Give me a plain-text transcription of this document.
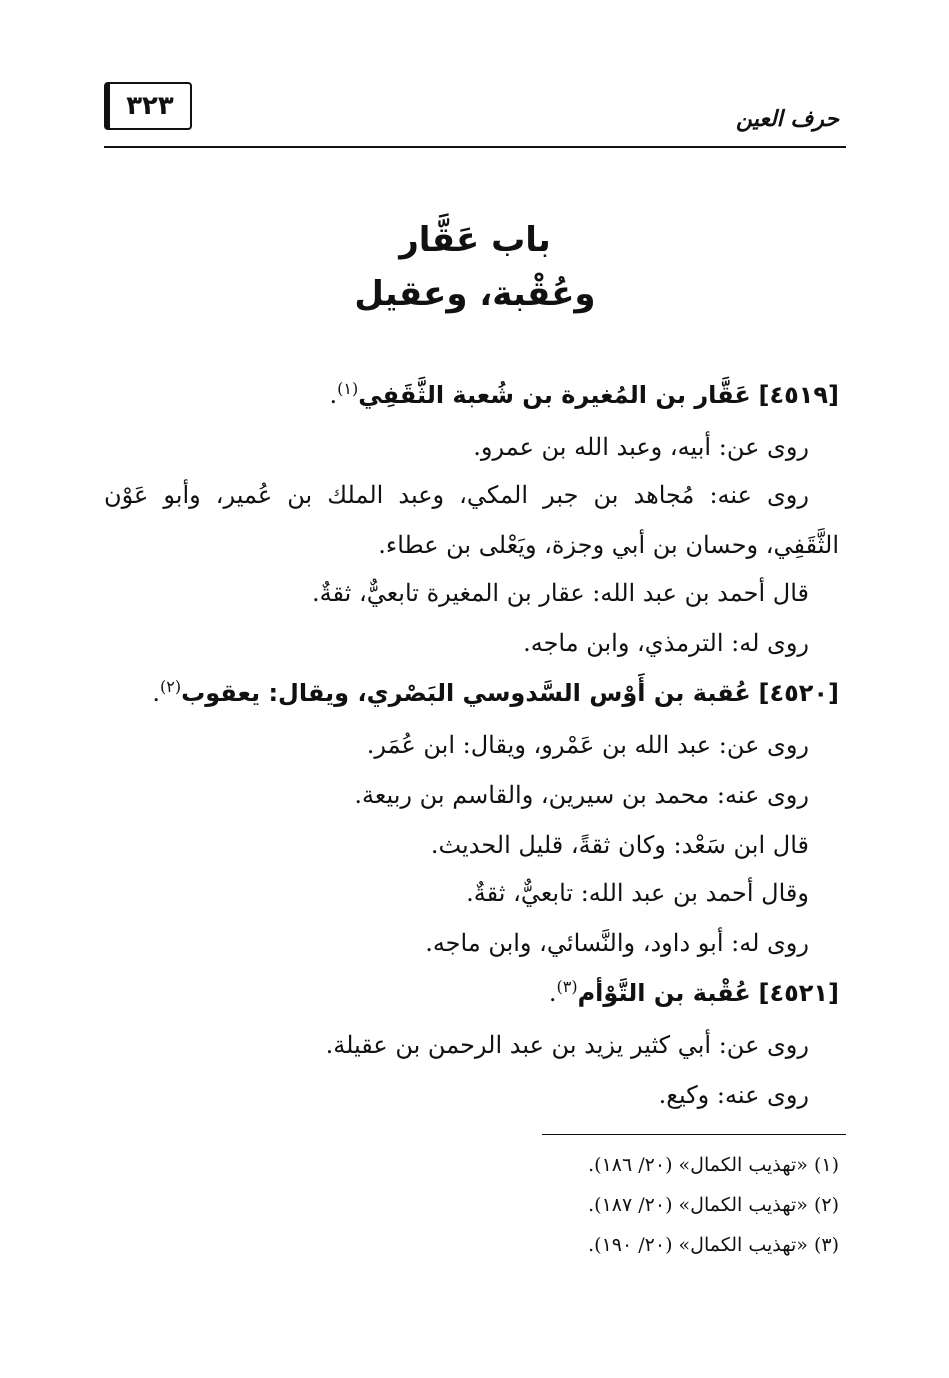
٣٢٣	حرف العين
باب عَقَّار
وعُقْبة، وعقيل
[٤٥١٩] عَقَّار بن المُغيرة بن شُعبة الثَّقَفِي$^{(١)}$.
روى عن: أبيه، وعبد الله بن عمرو.
روى عنه: مُجاهد بن جبر المكي، وعبد الملك بن عُمير، وأبو عَوْن
الثَّقَفِي، وحسان بن أبي وجزة، ويَعْلى بن عطاء.
قال أحمد بن عبد الله: عقار بن المغيرة تابعيٌّ، ثقةٌ.
روى له: الترمذي، وابن ماجه.
[٤٥٢٠] عُقبة بن أَوْس السَّدوسي البَصْري، ويقال: يعقوب$^{(٢)}$.
روى عن: عبد الله بن عَمْرو، ويقال: ابن عُمَر.
روى عنه: محمد بن سيرين، والقاسم بن ربيعة.
قال ابن سَعْد: وكان ثقةً، قليل الحديث.
وقال أحمد بن عبد الله: تابعيٌّ، ثقةٌ.
روى له: أبو داود، والنَّسائي، وابن ماجه.
[٤٥٢١] عُقْبة بن التَّوْأم$^{(٣)}$.
روى عن: أبي كثير يزيد بن عبد الرحمن بن عقيلة.
روى عنه: وكيع.
(١) «تهذيب الكمال» (٢٠/ ١٨٦).
(٢) «تهذيب الكمال» (٢٠/ ١٨٧).
(٣) «تهذيب الكمال» (٢٠/ ١٩٠).
